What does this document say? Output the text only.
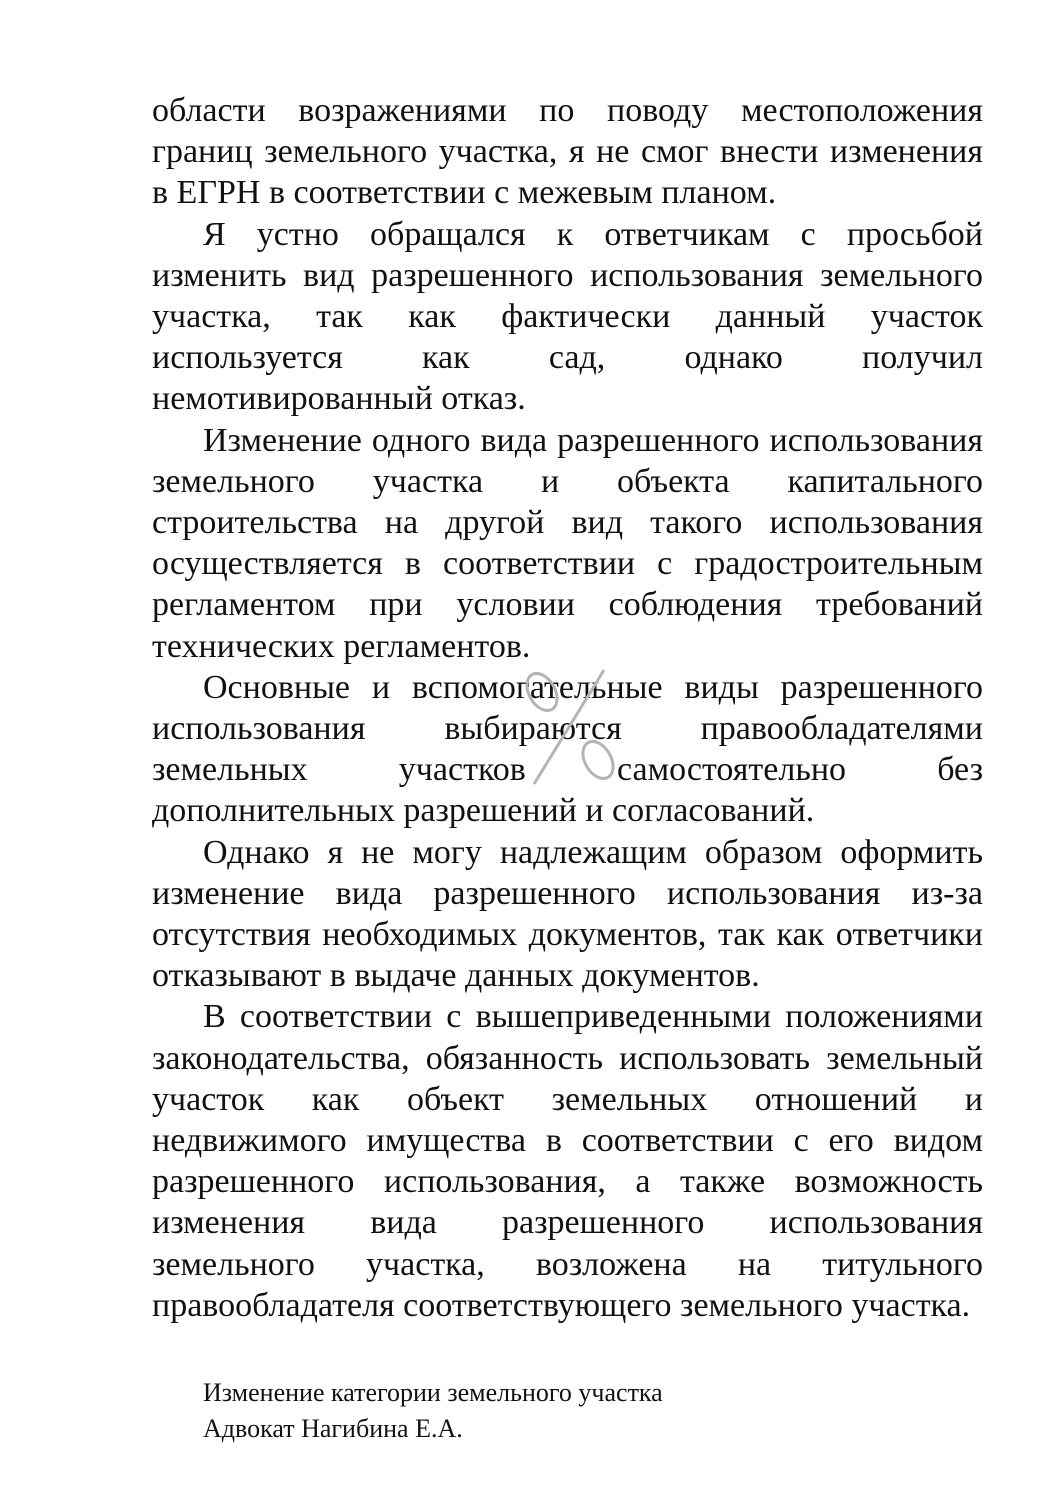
области возражениями по поводу местоположения границ земельного участка, я не смог внести изменения в ЕГРН в соответствии с межевым планом.

Я устно обращался к ответчикам с просьбой изменить вид разрешенного использования земельного участка, так как фактически данный участок используется как сад, однако получил немотивированный отказ.

Изменение одного вида разрешенного использования земельного участка и объекта капитального строительства на другой вид такого использования осуществляется в соответствии с градостроительным регламентом при условии соблюдения требований технических регламентов.

Основные и вспомогательные виды разрешенного использования выбираются правообладателями земельных участков самостоятельно без дополнительных разрешений и согласований.

Однако я не могу надлежащим образом оформить изменение вида разрешенного использования из-за отсутствия необходимых документов, так как ответчики отказывают в выдаче данных документов.

В соответствии с вышеприведенными положениями законодательства, обязанность использовать земельный участок как объект земельных отношений и недвижимого имущества в соответствии с его видом разрешенного использования, а также возможность изменения вида разрешенного использования земельного участка, возложена на титульного правообладателя соответствующего земельного участка.

Изменение категории земельного участка
Адвокат Нагибина Е.А.
